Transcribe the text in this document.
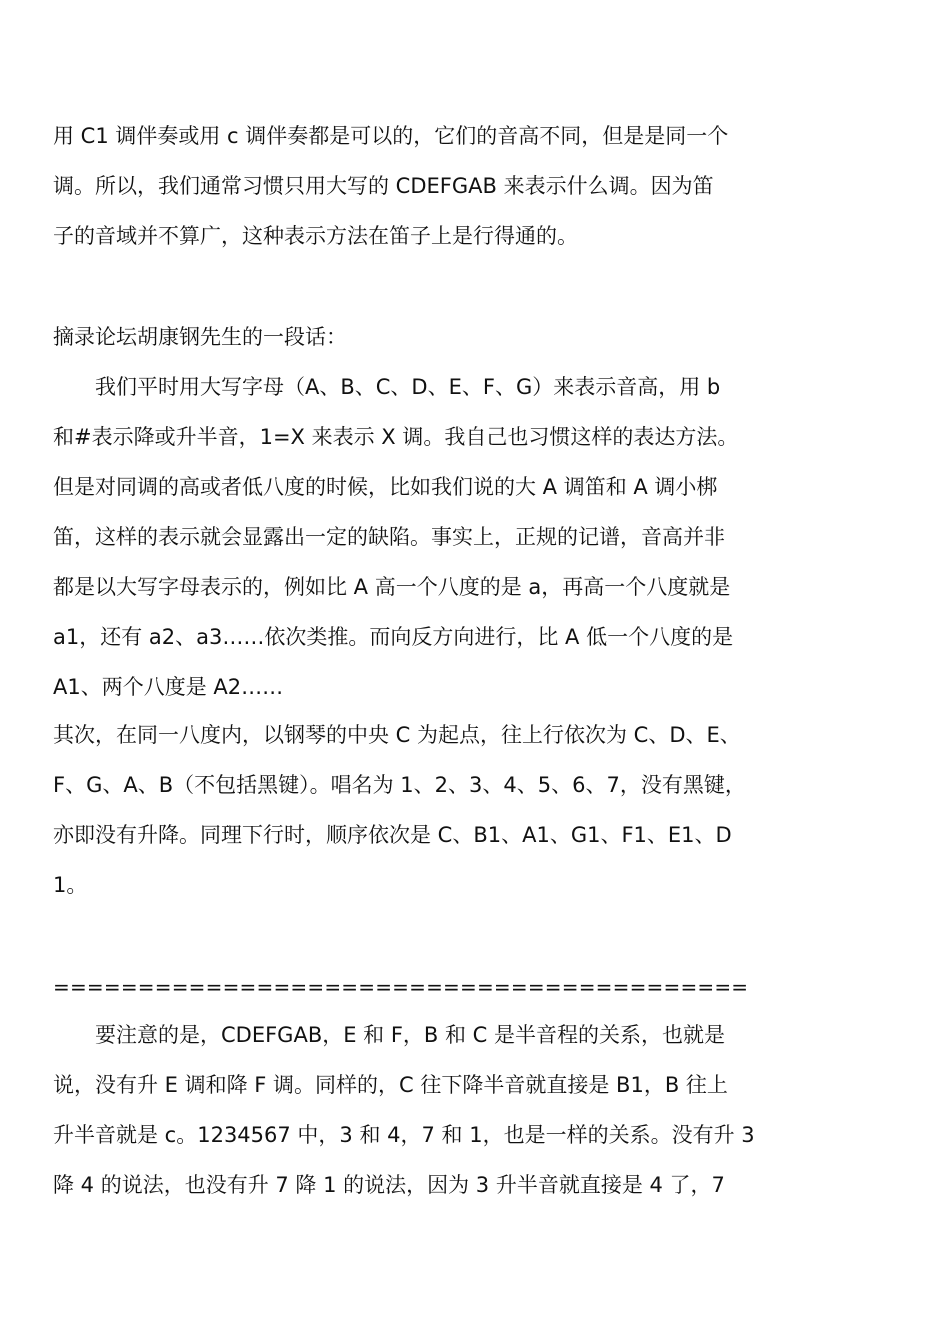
用 C1 调伴奏或用 c 调伴奏都是可以的，它们的音高不同，但是是同一个
调。所以，我们通常习惯只用大写的 CDEFGAB 来表示什么调。因为笛
子的音域并不算广，这种表示方法在笛子上是行得通的。
摘录论坛胡康钢先生的一段话：
　　我们平时用大写字母（A、B、C、D、E、F、G）来表示音高，用 b
和#表示降或升半音，1=X 来表示 X 调。我自己也习惯这样的表达方法。
但是对同调的高或者低八度的时候，比如我们说的大 A 调笛和 A 调小梆
笛，这样的表示就会显露出一定的缺陷。事实上，正规的记谱，音高并非
都是以大写字母表示的，例如比 A 高一个八度的是 a，再高一个八度就是
a1，还有 a2、a3……依次类推。而向反方向进行，比 A 低一个八度的是
A1、两个八度是 A2……
其次，在同一八度内，以钢琴的中央 C 为起点，往上行依次为 C、D、E、
F、G、A、B（不包括黑键）。唱名为 1、2、3、4、5、6、7，没有黑键，
亦即没有升降。同理下行时，顺序依次是 C、B1、A1、G1、F1、E1、D
1。
=========================================
　　要注意的是，CDEFGAB，E 和 F，B 和 C 是半音程的关系，也就是
说，没有升 E 调和降 F 调。同样的，C 往下降半音就直接是 B1，B 往上
升半音就是 c。1234567 中，3 和 4，7 和 1，也是一样的关系。没有升 3
降 4 的说法，也没有升 7 降 1 的说法，因为 3 升半音就直接是 4 了，7
